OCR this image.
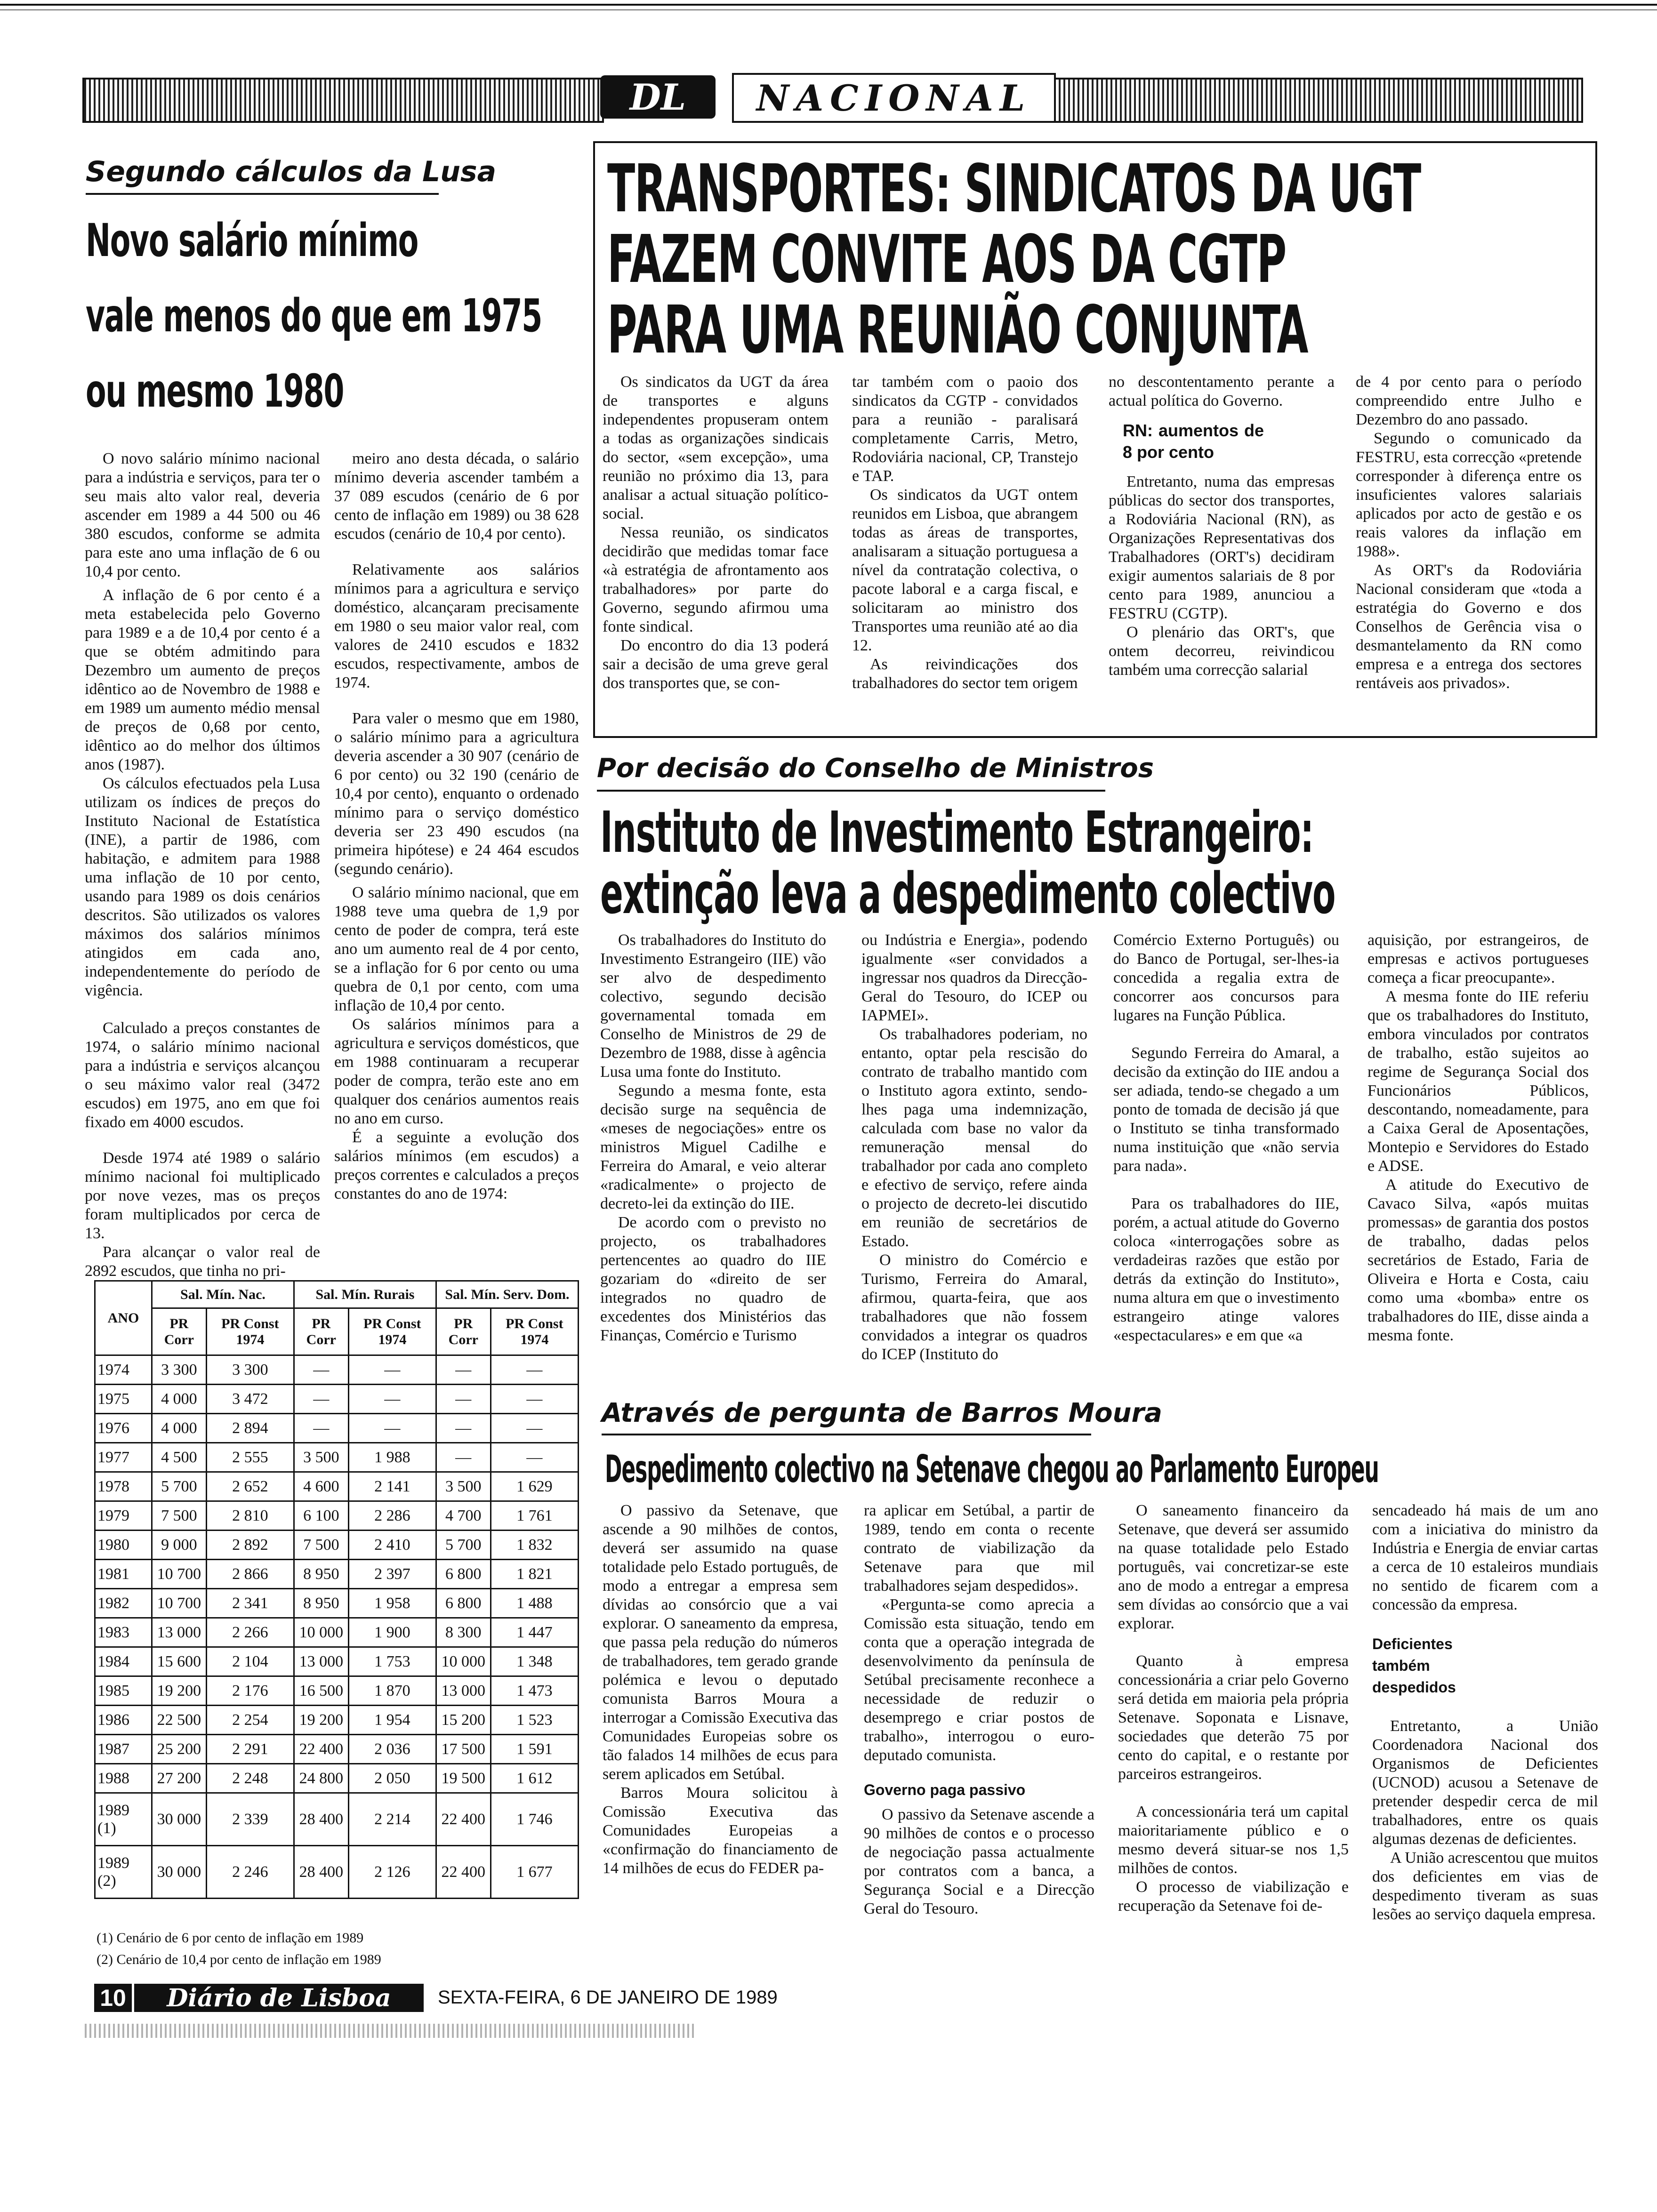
DL	NACIONAL
Segundo cálculos da Lusa
Novo salário mínimo
vale menos do que em 1975
ou mesmo 1980

O novo salário mínimo nacional para a indústria e serviços, para ter o seu mais alto valor real, deveria ascender em 1989 a 44 500 ou 46 380 escudos, conforme se admita para este ano uma inflação de 6 ou 10,4 por cento.

A inflação de 6 por cento é a meta estabelecida pelo Governo para 1989 e a de 10,4 por cento é a que se obtém admitindo para Dezembro um aumento de preços idêntico ao de Novembro de 1988 e em 1989 um aumento médio mensal de preços de 0,68 por cento, idêntico ao do melhor dos últimos anos (1987).

Os cálculos efectuados pela Lusa utilizam os índices de preços do Instituto Nacional de Estatística (INE), a partir de 1986, com habitação, e admitem para 1988 uma inflação de 10 por cento, usando para 1989 os dois cenários descritos. São utilizados os valores máximos dos salários mínimos atingidos em cada ano, independentemente do período de vigência.

Calculado a preços constantes de 1974, o salário mínimo nacional para a indústria e serviços alcançou o seu máximo valor real (3472 escudos) em 1975, ano em que foi fixado em 4000 escudos.

Desde 1974 até 1989 o salário mínimo nacional foi multiplicado por nove vezes, mas os preços foram multiplicados por cerca de 13.

Para alcançar o valor real de 2892 escudos, que tinha no pri-

meiro ano desta década, o salário mínimo deveria ascender também a 37 089 escudos (cenário de 6 por cento de inflação em 1989) ou 38 628 escudos (cenário de 10,4 por cento).

Relativamente aos salários mínimos para a agricultura e serviço doméstico, alcançaram precisamente em 1980 o seu maior valor real, com valores de 2410 escudos e 1832 escudos, respectivamente, ambos de 1974.

Para valer o mesmo que em 1980, o salário mínimo para a agricultura deveria ascender a 30 907 (cenário de 6 por cento) ou 32 190 (cenário de 10,4 por cento), enquanto o ordenado mínimo para o serviço doméstico deveria ser 23 490 escudos (na primeira hipótese) e 24 464 escudos (segundo cenário).

O salário mínimo nacional, que em 1988 teve uma quebra de 1,9 por cento de poder de compra, terá este ano um aumento real de 4 por cento, se a inflação for 6 por cento ou uma quebra de 0,1 por cento, com uma inflação de 10,4 por cento.

Os salários mínimos para a agricultura e serviços domésticos, que em 1988 continuaram a recuperar poder de compra, terão este ano em qualquer dos cenários aumentos reais no ano em curso.

É a seguinte a evolução dos salários mínimos (em escudos) a preços correntes e calculados a preços constantes do ano de 1974:

ANO	Sal. Mín. Nac.		Sal. Mín. Rurais		Sal. Mín. Serv. Dom.	
	PR Corr	PR Const 1974	PR Corr	PR Const 1974	PR Corr	PR Const 1974
1974	3 300	3 300	—	—	—	—
1975	4 000	3 472	—	—	—	—
1976	4 000	2 894	—	—	—	—
1977	4 500	2 555	3 500	1 988	—	—
1978	5 700	2 652	4 600	2 141	3 500	1 629
1979	7 500	2 810	6 100	2 286	4 700	1 761
1980	9 000	2 892	7 500	2 410	5 700	1 832
1981	10 700	2 866	8 950	2 397	6 800	1 821
1982	10 700	2 341	8 950	1 958	6 800	1 488
1983	13 000	2 266	10 000	1 900	8 300	1 447
1984	15 600	2 104	13 000	1 753	10 000	1 348
1985	19 200	2 176	16 500	1 870	13 000	1 473
1986	22 500	2 254	19 200	1 954	15 200	1 523
1987	25 200	2 291	22 400	2 036	17 500	1 591
1988	27 200	2 248	24 800	2 050	19 500	1 612
1989 (1)	30 000	2 339	28 400	2 214	22 400	1 746
1989 (2)	30 000	2 246	28 400	2 126	22 400	1 677
(1) Cenário de 6 por cento de inflação em 1989
(2) Cenário de 10,4 por cento de inflação em 1989
TRANSPORTES: SINDICATOS DA UGT
FAZEM CONVITE AOS DA CGTP
PARA UMA REUNIÃO CONJUNTA

Os sindicatos da UGT da área de transportes e alguns independentes propuseram ontem a todas as organizações sindicais do sector, «sem excepção», uma reunião no próximo dia 13, para analisar a actual situação político-social.

Nessa reunião, os sindicatos decidirão que medidas tomar face «à estratégia de afrontamento aos trabalhadores» por parte do Governo, segundo afirmou uma fonte sindical.

Do encontro do dia 13 poderá sair a decisão de uma greve geral dos transportes que, se con-

tar também com o paoio dos sindicatos da CGTP - convidados para a reunião - paralisará completamente Carris, Metro, Rodoviária nacional, CP, Transtejo e TAP.

Os sindicatos da UGT ontem reunidos em Lisboa, que abrangem todas as áreas de transportes, analisaram a situação portuguesa a nível da contratação colectiva, o pacote laboral e a carga fiscal, e solicitaram ao ministro dos Transportes uma reunião até ao dia 12.

As reivindicações dos trabalhadores do sector tem origem

no descontentamento perante a actual política do Governo.

RN: aumentos de 8 por cento

Entretanto, numa das empresas públicas do sector dos transportes, a Rodoviária Nacional (RN), as Organizações Representativas dos Trabalhadores (ORT's) decidiram exigir aumentos salariais de 8 por cento para 1989, anunciou a FESTRU (CGTP).

O plenário das ORT's, que ontem decorreu, reivindicou também uma correcção salarial

de 4 por cento para o período compreendido entre Julho e Dezembro do ano passado.

Segundo o comunicado da FESTRU, esta correcção «pretende corresponder à diferença entre os insuficientes valores salariais aplicados por acto de gestão e os reais valores da inflação em 1988».

As ORT's da Rodoviária Nacional consideram que «toda a estratégia do Governo e dos Conselhos de Gerência visa o desmantelamento da RN como empresa e a entrega dos sectores rentáveis aos privados».

Por decisão do Conselho de Ministros
Instituto de Investimento Estrangeiro:
extinção leva a despedimento colectivo

Os trabalhadores do Instituto do Investimento Estrangeiro (IIE) vão ser alvo de despedimento colectivo, segundo decisão governamental tomada em Conselho de Ministros de 29 de Dezembro de 1988, disse à agência Lusa uma fonte do Instituto.

Segundo a mesma fonte, esta decisão surge na sequência de «meses de negociações» entre os ministros Miguel Cadilhe e Ferreira do Amaral, e veio alterar «radicalmente» o projecto de decreto-lei da extinção do IIE.

De acordo com o previsto no projecto, os trabalhadores pertencentes ao quadro do IIE gozariam do «direito de ser integrados no quadro de excedentes dos Ministérios das Finanças, Comércio e Turismo

ou Indústria e Energia», podendo igualmente «ser convidados a ingressar nos quadros da Direcção-Geral do Tesouro, do ICEP ou IAPMEI».

Os trabalhadores poderiam, no entanto, optar pela rescisão do contrato de trabalho mantido com o Instituto agora extinto, sendo-lhes paga uma indemnização, calculada com base no valor da remuneração mensal do trabalhador por cada ano completo e efectivo de serviço, refere ainda o projecto de decreto-lei discutido em reunião de secretários de Estado.

O ministro do Comércio e Turismo, Ferreira do Amaral, afirmou, quarta-feira, que aos trabalhadores que não fossem convidados a integrar os quadros do ICEP (Instituto do

Comércio Externo Português) ou do Banco de Portugal, ser-lhes-ia concedida a regalia extra de concorrer aos concursos para lugares na Função Pública.

Segundo Ferreira do Amaral, a decisão da extinção do IIE andou a ser adiada, tendo-se chegado a um ponto de tomada de decisão já que o Instituto se tinha transformado numa instituição que «não servia para nada».

Para os trabalhadores do IIE, porém, a actual atitude do Governo coloca «interrogações sobre as verdadeiras razões que estão por detrás da extinção do Instituto», numa altura em que o investimento estrangeiro atinge valores «espectaculares» e em que «a

aquisição, por estrangeiros, de empresas e activos portugueses começa a ficar preocupante».

A mesma fonte do IIE referiu que os trabalhadores do Instituto, embora vinculados por contratos de trabalho, estão sujeitos ao regime de Segurança Social dos Funcionários Públicos, descontando, nomeadamente, para a Caixa Geral de Aposentações, Montepio e Servidores do Estado e ADSE.

A atitude do Executivo de Cavaco Silva, «após muitas promessas» de garantia dos postos de trabalho, dadas pelos secretários de Estado, Faria de Oliveira e Horta e Costa, caiu como uma «bomba» entre os trabalhadores do IIE, disse ainda a mesma fonte.

Através de pergunta de Barros Moura
Despedimento colectivo na Setenave chegou ao Parlamento Europeu

O passivo da Setenave, que ascende a 90 milhões de contos, deverá ser assumido na quase totalidade pelo Estado português, de modo a entregar a empresa sem dívidas ao consórcio que a vai explorar. O saneamento da empresa, que passa pela redução do números de trabalhadores, tem gerado grande polémica e levou o deputado comunista Barros Moura a interrogar a Comissão Executiva das Comunidades Europeias sobre os tão falados 14 milhões de ecus para serem aplicados em Setúbal.

Barros Moura solicitou à Comissão Executiva das Comunidades Europeias a «confirmação do financiamento de 14 milhões de ecus do FEDER pa-

ra aplicar em Setúbal, a partir de 1989, tendo em conta o recente contrato de viabilização da Setenave para que mil trabalhadores sejam despedidos».

«Pergunta-se como aprecia a Comissão esta situação, tendo em conta que a operação integrada de desenvolvimento da península de Setúbal precisamente reconhece a necessidade de reduzir o desemprego e criar postos de trabalho», interrogou o euro-deputado comunista.

Governo paga passivo

O passivo da Setenave ascende a 90 milhões de contos e o processo de negociação passa actualmente por contratos com a banca, a Segurança Social e a Direcção Geral do Tesouro.

O saneamento financeiro da Setenave, que deverá ser assumido na quase totalidade pelo Estado português, vai concretizar-se este ano de modo a entregar a empresa sem dívidas ao consórcio que a vai explorar.

Quanto à empresa concessionária a criar pelo Governo será detida em maioria pela própria Setenave. Soponata e Lisnave, sociedades que deterão 75 por cento do capital, e o restante por parceiros estrangeiros.

A concessionária terá um capital maioritariamente público e o mesmo deverá situar-se nos 1,5 milhões de contos.

O processo de viabilização e recuperação da Setenave foi de-

sencadeado há mais de um ano com a iniciativa do ministro da Indústria e Energia de enviar cartas a cerca de 10 estaleiros mundiais no sentido de ficarem com a concessão da empresa.

Deficientes também despedidos

Entretanto, a União Coordenadora Nacional dos Organismos de Deficientes (UCNOD) acusou a Setenave de pretender despedir cerca de mil trabalhadores, entre os quais algumas dezenas de deficientes.

A União acrescentou que muitos dos deficientes em vias de despedimento tiveram as suas lesões ao serviço daquela empresa.

10	Diário de Lisboa	SEXTA-FEIRA, 6 DE JANEIRO DE 1989
